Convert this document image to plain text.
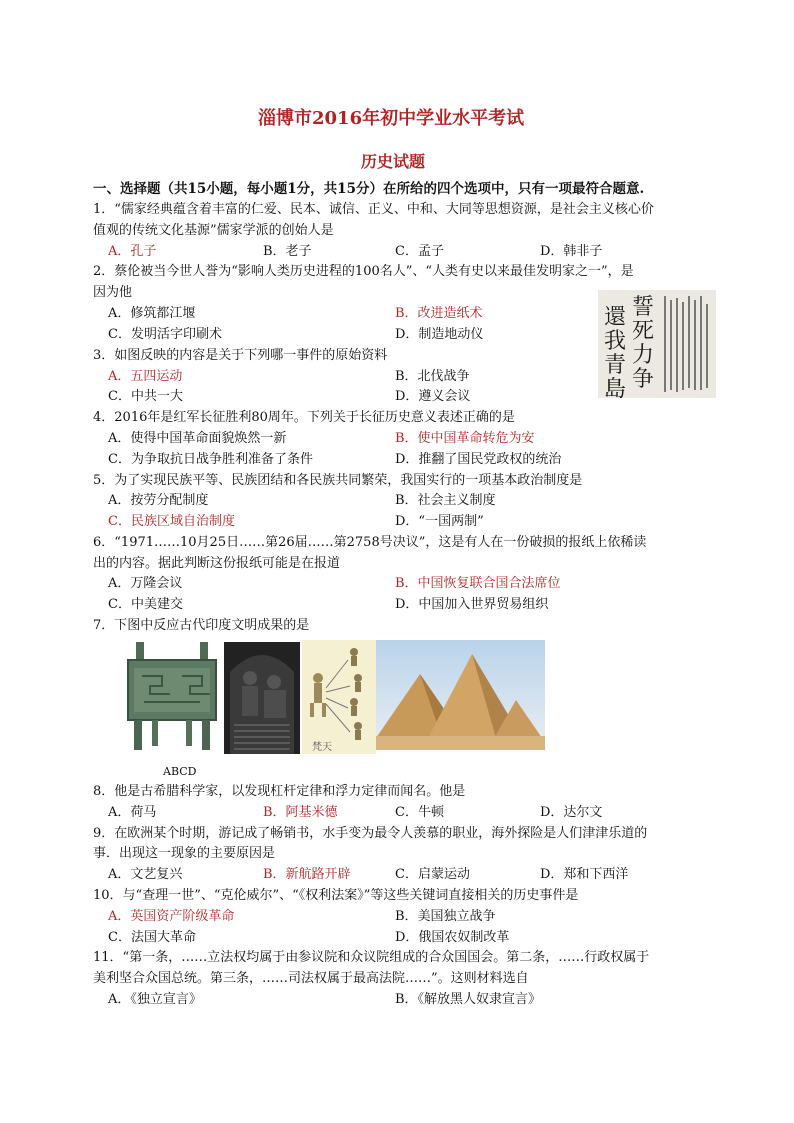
淄博市2016年初中学业水平考试
历史试题
一、选择题（共15小题，每小题1分，共15分）在所给的四个选项中，只有一项最符合题意.
1．“儒家经典蕴含着丰富的仁爱、民本、诚信、正义、中和、大同等思想资源，是社会主义核心价
值观的传统文化基源”儒家学派的创始人是
A．孔子	B．老子	C．孟子	D．韩非子
2．蔡伦被当今世人誉为“影响人类历史进程的100名人”、“人类有史以来最佳发明家之一”，是
因为他
A．修筑都江堰	B．改进造纸术
C．发明活字印刷术	D．制造地动仪
誓
死
力
争
還
我
青
島
3．如图反映的内容是关于下列哪一事件的原始资料
A．五四运动	B．北伐战争
C．中共一大	D．遵义会议
4．2016年是红军长征胜利80周年。下列关于长征历史意义表述正确的是
A．使得中国革命面貌焕然一新	B．使中国革命转危为安
C．为争取抗日战争胜利准备了条件	D．推翻了国民党政权的统治
5．为了实现民族平等、民族团结和各民族共同繁荣，我国实行的一项基本政治制度是
A．按劳分配制度	B．社会主义制度
C．民族区域自治制度	D．“一国两制”
6．“1971……10月25日……第26届……第2758号决议”，这是有人在一份破损的报纸上依稀读
出的内容。据此判断这份报纸可能是在报道
A．万隆会议	B．中国恢复联合国合法席位
C．中美建交	D．中国加入世界贸易组织
7．下图中反应古代印度文明成果的是
梵天
ABCD
8．他是古希腊科学家，以发现杠杆定律和浮力定律而闻名。他是
A．荷马	B．阿基米德	C．牛顿	D．达尔文
9．在欧洲某个时期，游记成了畅销书，水手变为最令人羡慕的职业，海外探险是人们津津乐道的
事．出现这一现象的主要原因是
A．文艺复兴	B．新航路开辟	C．启蒙运动	D．郑和下西洋
10．与“查理一世”、“克伦威尔”、“《权利法案》”等这些关键词直接相关的历史事件是
A．英国资产阶级革命	B．美国独立战争
C．法国大革命	D．俄国农奴制改革
11．“第一条，……立法权均属于由参议院和众议院组成的合众国国会。第二条，……行政权属于
美利坚合众国总统。第三条，……司法权属于最高法院……”。这则材料选自
A．《独立宣言》	B．《解放黑人奴隶宣言》
